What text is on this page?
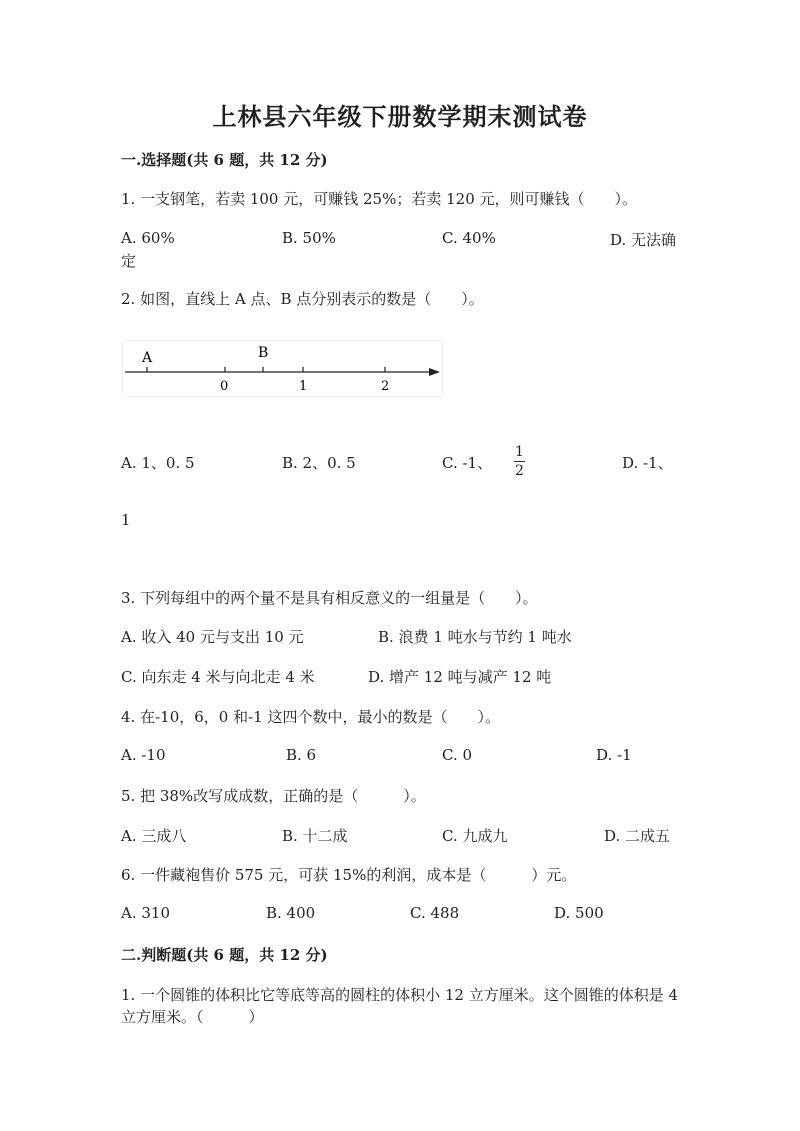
上林县六年级下册数学期末测试卷
一.选择题(共 6 题，共 12 分)
1. 一支钢笔，若卖 100 元，可赚钱 25%；若卖 120 元，则可赚钱（　　）。
A. 60%	B. 50%	C. 40%	D. 无法确
定
2. 如图，直线上 A 点、B 点分别表示的数是（　　）。
A	B
0	1	2
A. 1、0. 5	B. 2、0. 5	C. -1、
1
2	D. -1、
1
3. 下列每组中的两个量不是具有相反意义的一组量是（　　）。
A. 收入 40 元与支出 10 元	B. 浪费 1 吨水与节约 1 吨水
C. 向东走 4 米与向北走 4 米	D. 增产 12 吨与减产 12 吨
4. 在-10，6，0 和-1 这四个数中，最小的数是（　　）。
A. -10	B. 6	C. 0	D. -1
5. 把 38%改写成成数，正确的是（　　　）。
A. 三成八	B. 十二成	C. 九成九	D. 二成五
6. 一件藏袍售价 575 元，可获 15%的利润，成本是（　　　）元。
A. 310	B. 400	C. 488	D. 500
二.判断题(共 6 题，共 12 分)
1. 一个圆锥的体积比它等底等高的圆柱的体积小 12 立方厘米。这个圆锥的体积是 4 立方厘米。（　　　）
